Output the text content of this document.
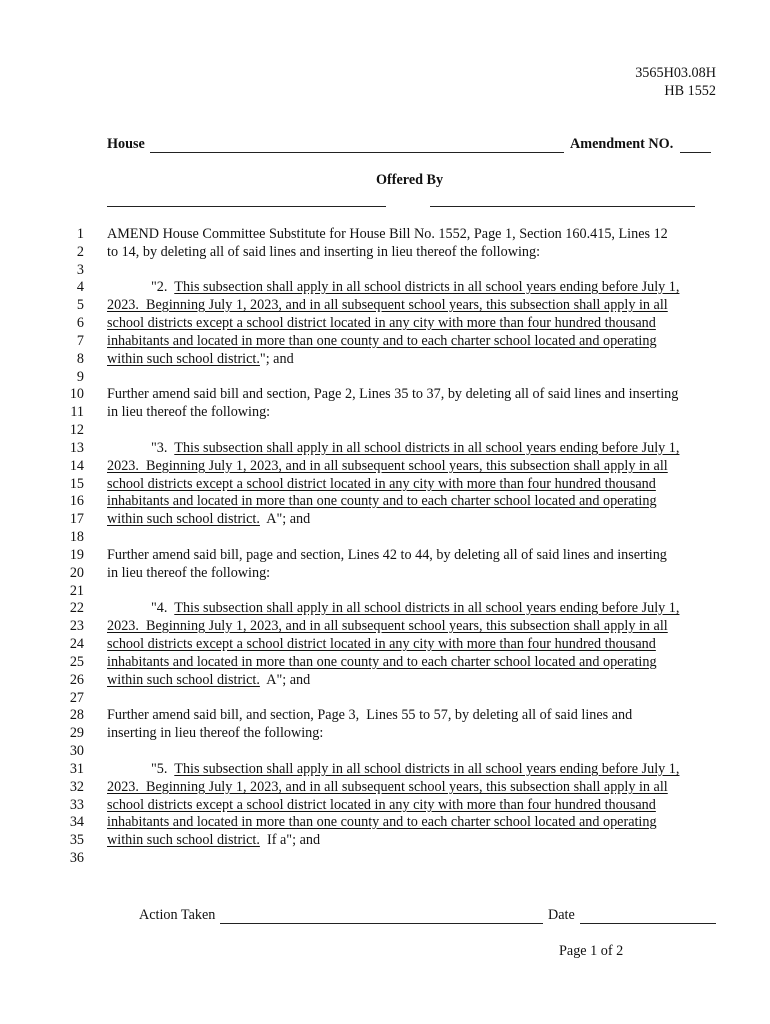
3565H03.08H
HB 1552
House	Amendment NO.
Offered By
1
2
3
4
5
6
7
8
9
10
11
12
13
14
15
16
17
18
19
20
21
22
23
24
25
26
27
28
29
30
31
32
33
34
35
36
AMEND House Committee Substitute for House Bill No. 1552, Page 1, Section 160.415, Lines 12
to 14, by deleting all of said lines and inserting in lieu thereof the following:
"2. This subsection shall apply in all school districts in all school years ending before July 1,
2023.  Beginning July 1, 2023, and in all subsequent school years, this subsection shall apply in all
school districts except a school district located in any city with more than four hundred thousand
inhabitants and located in more than one county and to each charter school located and operating
within such school district."; and
Further amend said bill and section, Page 2, Lines 35 to 37, by deleting all of said lines and inserting
in lieu thereof the following:
"3. This subsection shall apply in all school districts in all school years ending before July 1,
2023.  Beginning July 1, 2023, and in all subsequent school years, this subsection shall apply in all
school districts except a school district located in any city with more than four hundred thousand
inhabitants and located in more than one county and to each charter school located and operating
within such school district.  A"; and
Further amend said bill, page and section, Lines 42 to 44, by deleting all of said lines and inserting
in lieu thereof the following:
"4. This subsection shall apply in all school districts in all school years ending before July 1,
2023.  Beginning July 1, 2023, and in all subsequent school years, this subsection shall apply in all
school districts except a school district located in any city with more than four hundred thousand
inhabitants and located in more than one county and to each charter school located and operating
within such school district.  A"; and
Further amend said bill, and section, Page 3,  Lines 55 to 57, by deleting all of said lines and
inserting in lieu thereof the following:
"5. This subsection shall apply in all school districts in all school years ending before July 1,
2023.  Beginning July 1, 2023, and in all subsequent school years, this subsection shall apply in all
school districts except a school district located in any city with more than four hundred thousand
inhabitants and located in more than one county and to each charter school located and operating
within such school district.  If a"; and
Action Taken	Date
Page 1 of 2
